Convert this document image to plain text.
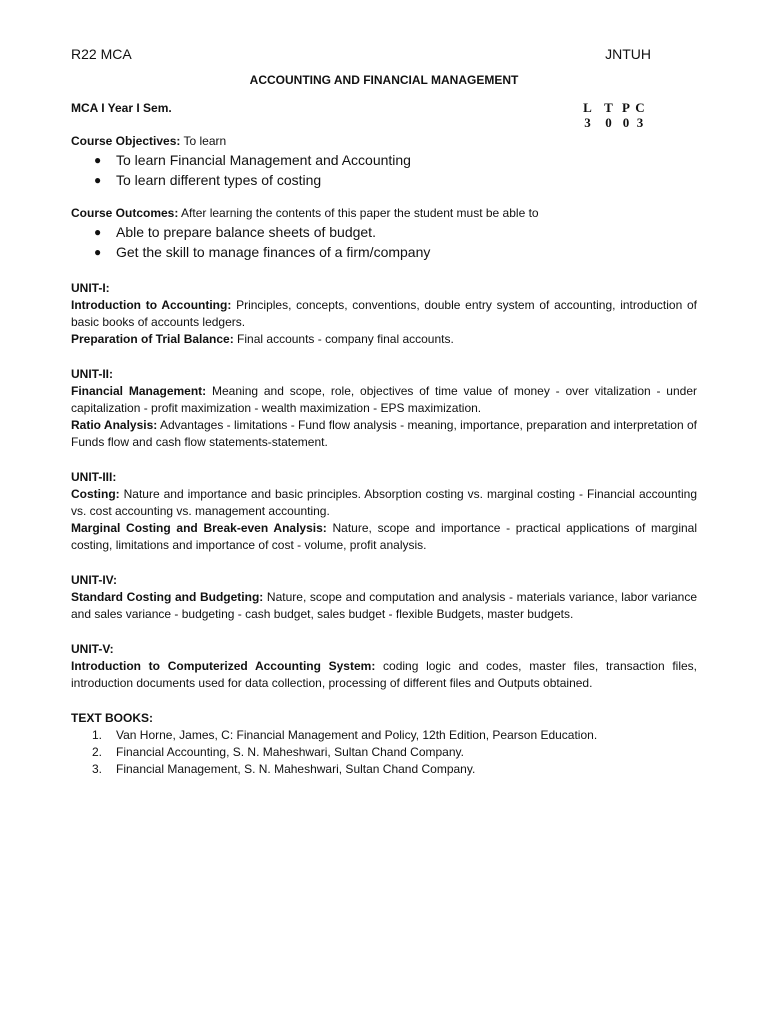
R22 MCA	JNTUH
ACCOUNTING AND FINANCIAL MANAGEMENT
MCA I Year I Sem.	L T P C
3	0 0 3

Course Objectives: To learn

● To learn Financial Management and Accounting
● To learn different types of costing

Course Outcomes: After learning the contents of this paper the student must be able to

● Able to prepare balance sheets of budget.
● Get the skill to manage finances of a firm/company
UNIT-I:

Introduction to Accounting: Principles, concepts, conventions, double entry system of accounting, introduction of basic books of accounts ledgers.

Preparation of Trial Balance: Final accounts - company final accounts.

UNIT-II:

Financial Management: Meaning and scope, role, objectives of time value of money - over vitalization - under capitalization - profit maximization - wealth maximization - EPS maximization.

Ratio Analysis: Advantages - limitations - Fund flow analysis - meaning, importance, preparation and interpretation of Funds flow and cash flow statements-statement.

UNIT-III:

Costing: Nature and importance and basic principles. Absorption costing vs. marginal costing - Financial accounting vs. cost accounting vs. management accounting.

Marginal Costing and Break-even Analysis: Nature, scope and importance - practical applications of marginal costing, limitations and importance of cost - volume, profit analysis.

UNIT-IV:

Standard Costing and Budgeting: Nature, scope and computation and analysis - materials variance, labor variance and sales variance - budgeting - cash budget, sales budget - flexible Budgets, master budgets.

UNIT-V:

Introduction to Computerized Accounting System: coding logic and codes, master files, transaction files, introduction documents used for data collection, processing of different files and Outputs obtained.

TEXT BOOKS:
1. Van Horne, James, C: Financial Management and Policy, 12th Edition, Pearson Education.
2. Financial Accounting, S. N. Maheshwari, Sultan Chand Company.
3. Financial Management, S. N. Maheshwari, Sultan Chand Company.
